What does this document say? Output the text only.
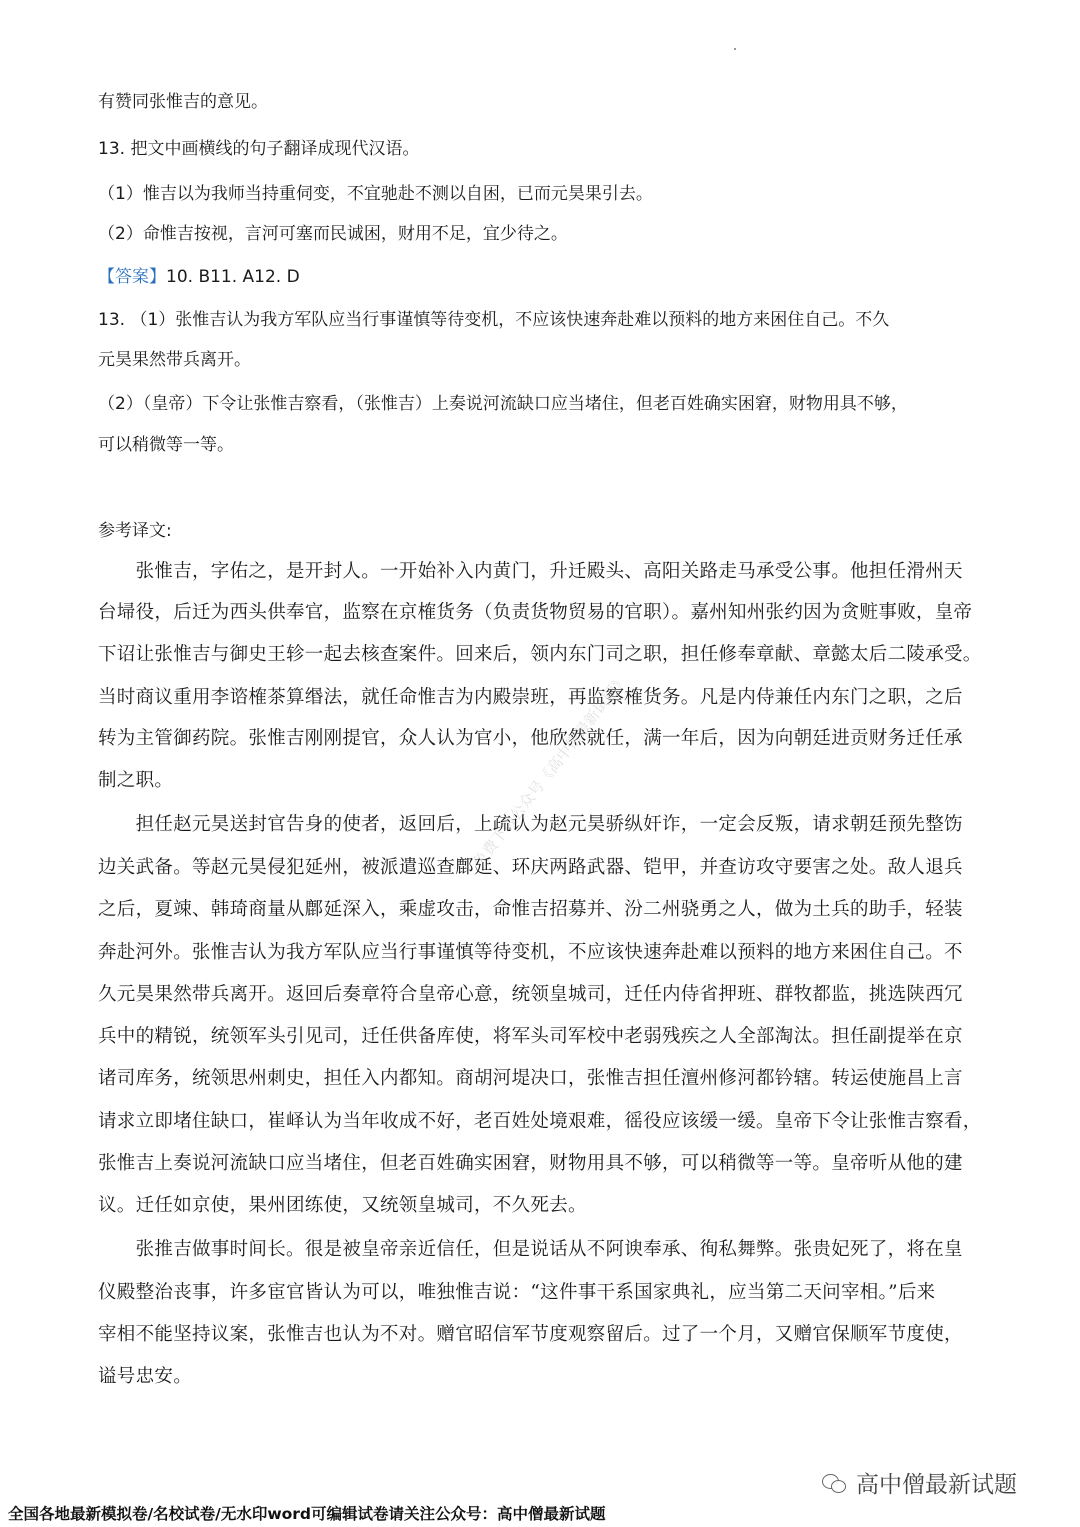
有赞同张惟吉的意见。
13. 把文中画横线的句子翻译成现代汉语。
（1）惟吉以为我师当持重伺变，不宜驰赴不测以自困，已而元昊果引去。
（2）命惟吉按视，言河可塞而民诚困，财用不足，宜少待之。
【答案】10. B11. A12. D
13. （1）张惟吉认为我方军队应当行事谨慎等待变机，不应该快速奔赴难以预料的地方来困住自己。不久
元昊果然带兵离开。
（2）（皇帝）下令让张惟吉察看，（张惟吉）上奏说河流缺口应当堵住，但老百姓确实困窘，财物用具不够，
可以稍微等一等。
参考译文:
　　张惟吉，字佑之，是开封人。一开始补入内黄门，升迁殿头、高阳关路走马承受公事。他担任滑州天
台埽役，后迁为西头供奉官，监察在京榷货务（负责货物贸易的官职）。嘉州知州张约因为贪赃事败，皇帝
下诏让张惟吉与御史王轸一起去核查案件。回来后，领内东门司之职，担任修奉章献、章懿太后二陵承受。
当时商议重用李谘榷茶算缗法，就任命惟吉为内殿崇班，再监察榷货务。凡是内侍兼任内东门之职，之后
转为主管御药院。张惟吉刚刚提官，众人认为官小，他欣然就任，满一年后，因为向朝廷进贡财务迁任承
制之职。
　　担任赵元昊送封官告身的使者，返回后，上疏认为赵元昊骄纵奸诈，一定会反叛，请求朝廷预先整饬
边关武备。等赵元昊侵犯延州，被派遣巡查鄜延、环庆两路武器、铠甲，并查访攻守要害之处。敌人退兵
之后，夏竦、韩琦商量从鄜延深入，乘虚攻击，命惟吉招募并、汾二州骁勇之人，做为土兵的助手，轻装
奔赴河外。张惟吉认为我方军队应当行事谨慎等待变机，不应该快速奔赴难以预料的地方来困住自己。不
久元昊果然带兵离开。返回后奏章符合皇帝心意，统领皇城司，迁任内侍省押班、群牧都监，挑选陕西冗
兵中的精锐，统领军头引见司，迁任供备库使，将军头司军校中老弱残疾之人全部淘汰。担任副提举在京
诸司库务，统领思州刺史，担任入内都知。商胡河堤决口，张惟吉担任澶州修河都钤辖。转运使施昌上言
请求立即堵住缺口，崔峄认为当年收成不好，老百姓处境艰难，徭役应该缓一缓。皇帝下令让张惟吉察看，
张惟吉上奏说河流缺口应当堵住，但老百姓确实困窘，财物用具不够，可以稍微等一等。皇帝听从他的建
议。迁任如京使，果州团练使，又统领皇城司，不久死去。
　　张推吉做事时间长。很是被皇帝亲近信任，但是说话从不阿谀奉承、徇私舞弊。张贵妃死了，将在皇
仪殿整治丧事，许多宦官皆认为可以，唯独惟吉说：“这件事干系国家典礼，应当第二天问宰相。”后来
宰相不能坚持议案，张惟吉也认为不对。赠官昭信军节度观察留后。过了一个月，又赠官保顺军节度使，
谥号忠安。
免费下载公众号《高中僧最新试题》
高中僧最新试题
全国各地最新模拟卷/名校试卷/无水印word可编辑试卷请关注公众号：高中僧最新试题
